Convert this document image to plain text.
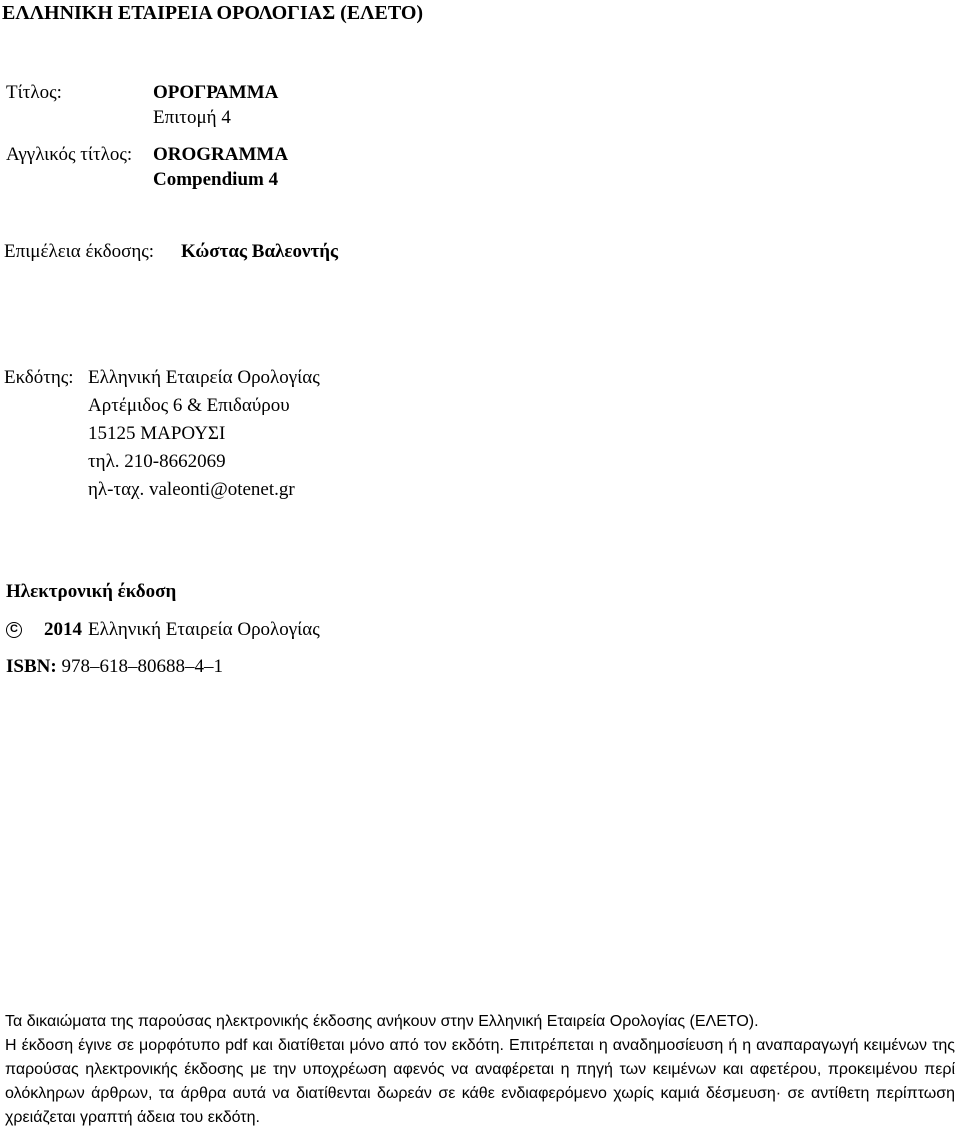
ΕΛΛΗΝΙΚΗ ΕΤΑΙΡΕΙΑ ΟΡΟΛΟΓΙΑΣ (ΕΛΕΤΟ)
Τίτλος:	ΟΡΟΓΡΑΜΜΑ
Επιτομή 4
Αγγλικός τίτλος: OROGRAMMA
Compendium 4
Επιμέλεια έκδοσης: Κώστας Βαλεοντής
Εκδότης: Ελληνική Εταιρεία Ορολογίας
Αρτέμιδος 6 & Επιδαύρου
15125 ΜΑΡΟΥΣΙ
τηλ. 210-8662069
ηλ-ταχ. valeonti@otenet.gr
Ηλεκτρονική έκδοση
C 2014 Ελληνική Εταιρεία Ορολογίας
ISBN: 978–618–80688–4–1

Τα δικαιώματα της παρούσας ηλεκτρονικής έκδοσης ανήκουν στην Ελληνική Εταιρεία Ορολογίας (ΕΛΕΤΟ).

Η έκδοση έγινε σε μορφότυπο pdf και διατίθεται μόνο από τον εκδότη. Επιτρέπεται η αναδημοσίευση ή η αναπαραγωγή κειμένων της παρούσας ηλεκτρονικής έκδοσης με την υποχρέωση αφενός να αναφέρεται η πηγή των κειμένων και αφετέρου, προκειμένου περί ολόκληρων άρθρων, τα άρθρα αυτά να διατίθενται δωρεάν σε κάθε ενδιαφερόμενο χωρίς καμιά δέσμευση· σε αντίθετη περίπτωση χρειάζεται γραπτή άδεια του εκδότη.
